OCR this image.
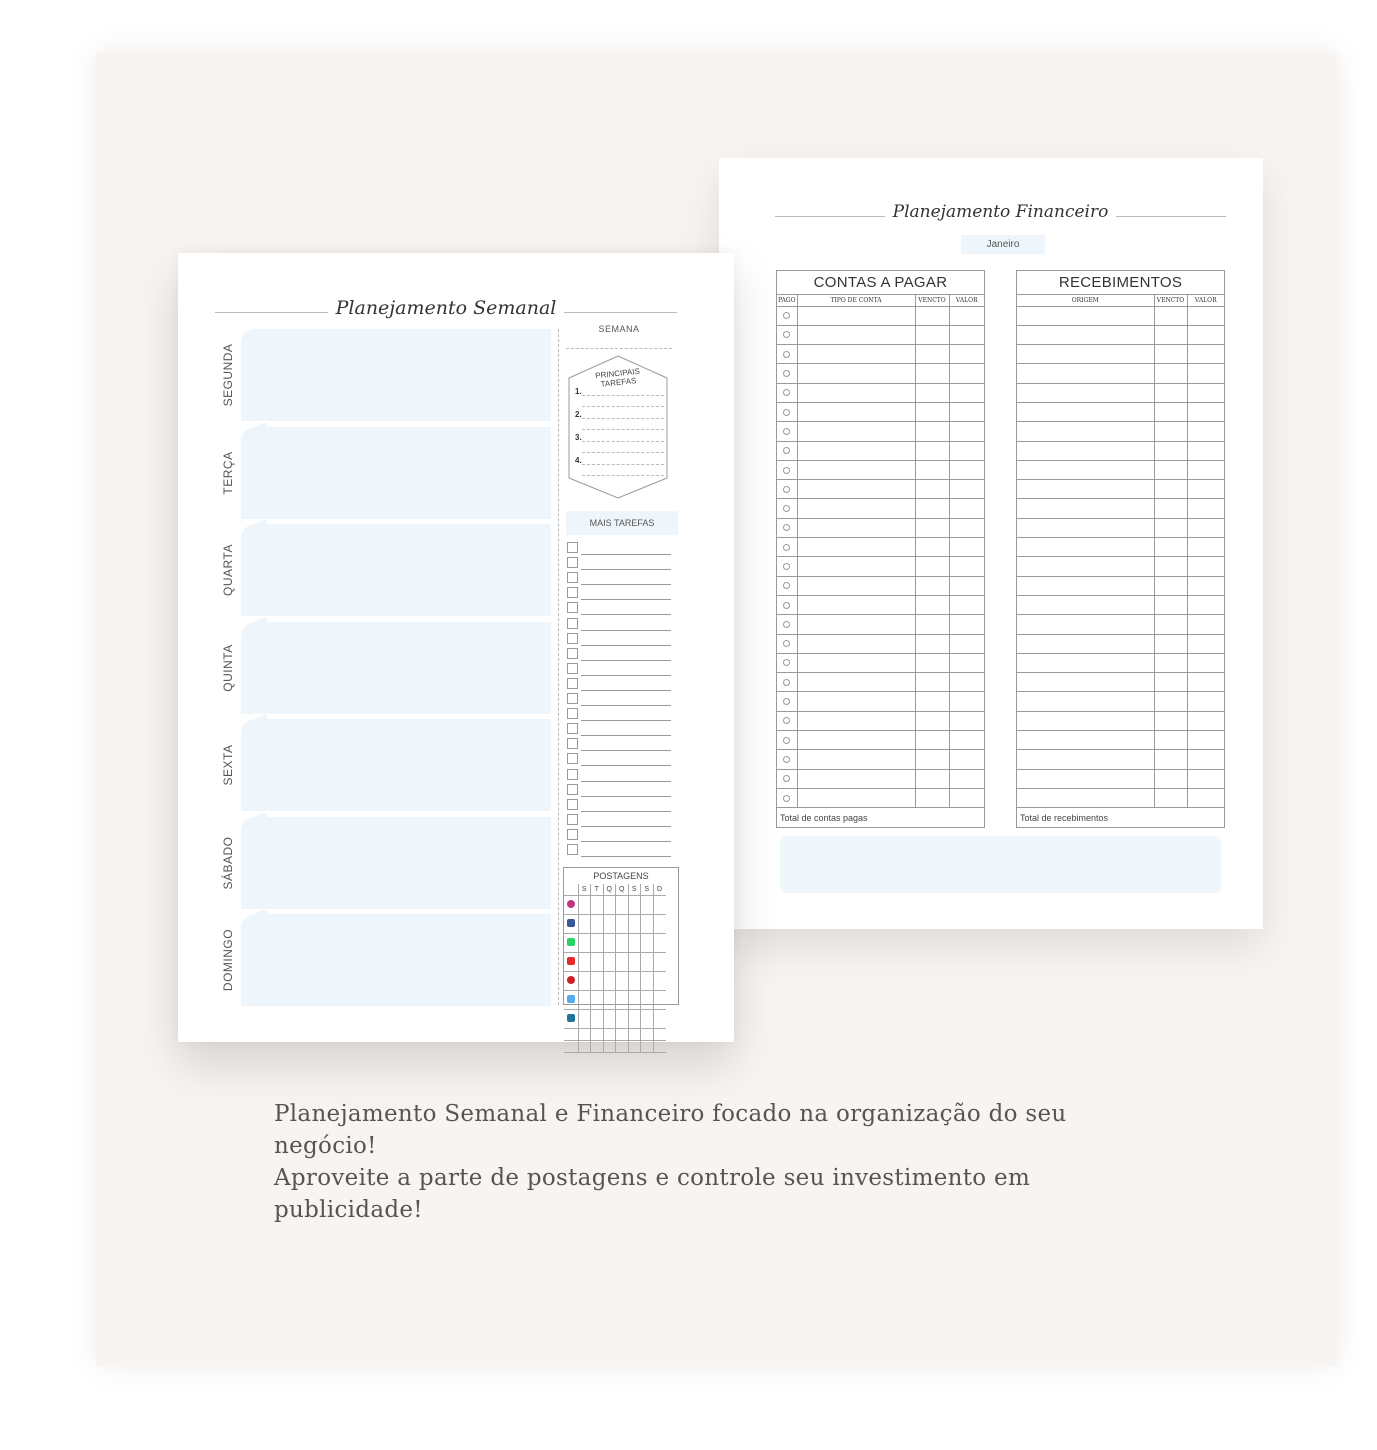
Planejamento Financeiro
Janeiro
CONTAS A PAGAR
PAGO	TIPO DE CONTA	VENCTO	VALOR

Total de contas pagas
RECEBIMENTOS
ORIGEM	VENCTO	VALOR

Total de recebimentos
Planejamento Semanal
SEGUNDA
TERÇA
QUARTA
QUINTA
SEXTA
SÁBADO
DOMINGO
SEMANA
PRINCIPAIS TAREFAS
1.
2.
3.
4.
MAIS TAREFAS
POSTAGENS
	S	T	Q	Q	S	S	D

Planejamento Semanal e Financeiro focado na organização do seu negócio!
Aproveite a parte de postagens e controle seu investimento em publicidade!
